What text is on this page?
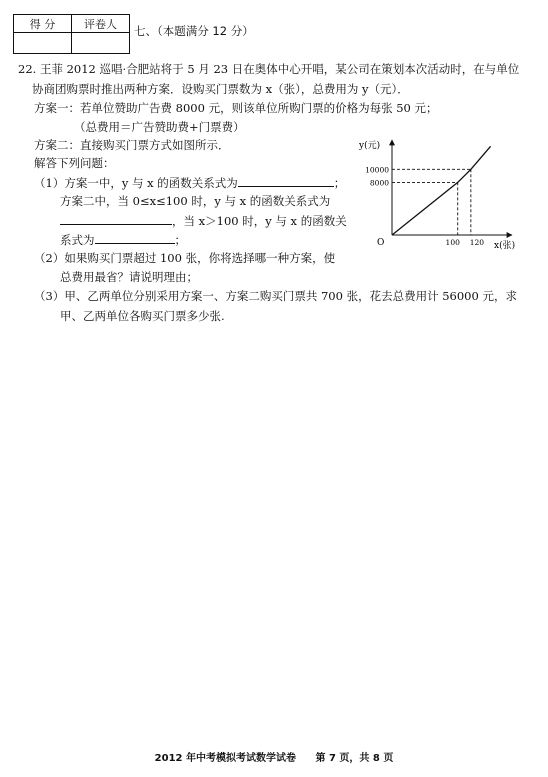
得 分	评卷人
	七、（本题满分 12 分）
22. 王菲 2012 巡唱·合肥站将于 5 月 23 日在奥体中心开唱，某公司在策划本次活动时，在与单位
协商团购票时推出两种方案．设购买门票数为 x（张），总费用为 y（元）．
方案一：若单位赞助广告费 8000 元，则该单位所购门票的价格为每张 50 元；
（总费用＝广告赞助费+门票费）
方案二：直接购买门票方式如图所示．
解答下列问题：
（1）方案一中，y 与 x 的函数关系式为	；
方案二中，当 0≤x≤100 时，y 与 x 的函数关系式为
，当 x＞100 时，y 与 x 的函数关
系式为	；
（2）如果购买门票超过 100 张，你将选择哪一种方案，使
总费用最省？请说明理由；
（3）甲、乙两单位分别采用方案一、方案二购买门票共 700 张，花去总费用计 56000 元，求
甲、乙两单位各购买门票多少张.
y(元)
x(张)
O
8000
10000
100 120
2012 年中考模拟考试数学试卷 第 7 页，共 8 页
